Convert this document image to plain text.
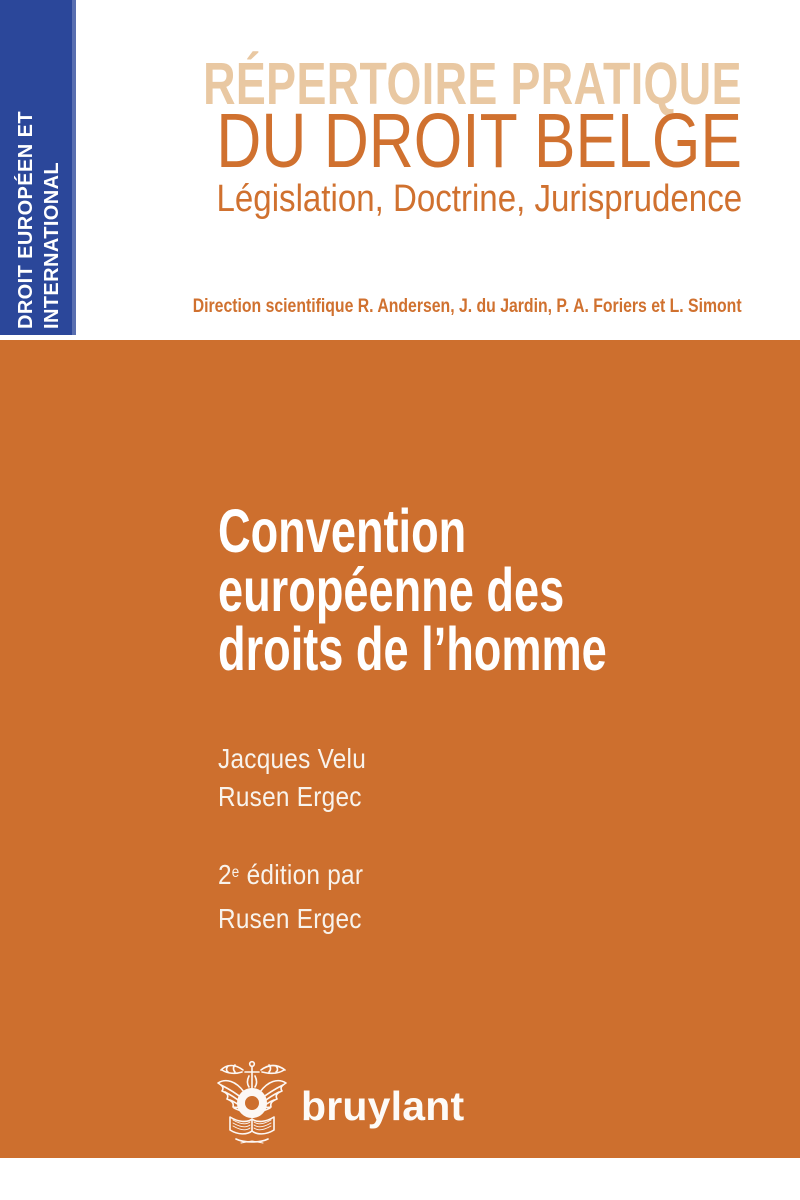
DROIT EUROPÉEN ET INTERNATIONAL
RÉPERTOIRE PRATIQUE
DU DROIT BELGE
Législation, Doctrine, Jurisprudence
Direction scientifique R. Andersen, J. du Jardin, P. A. Foriers et L. Simont
Convention
européenne des
droits de l’homme
Jacques Velu
Rusen Ergec
2e édition par
Rusen Ergec
bruylant
